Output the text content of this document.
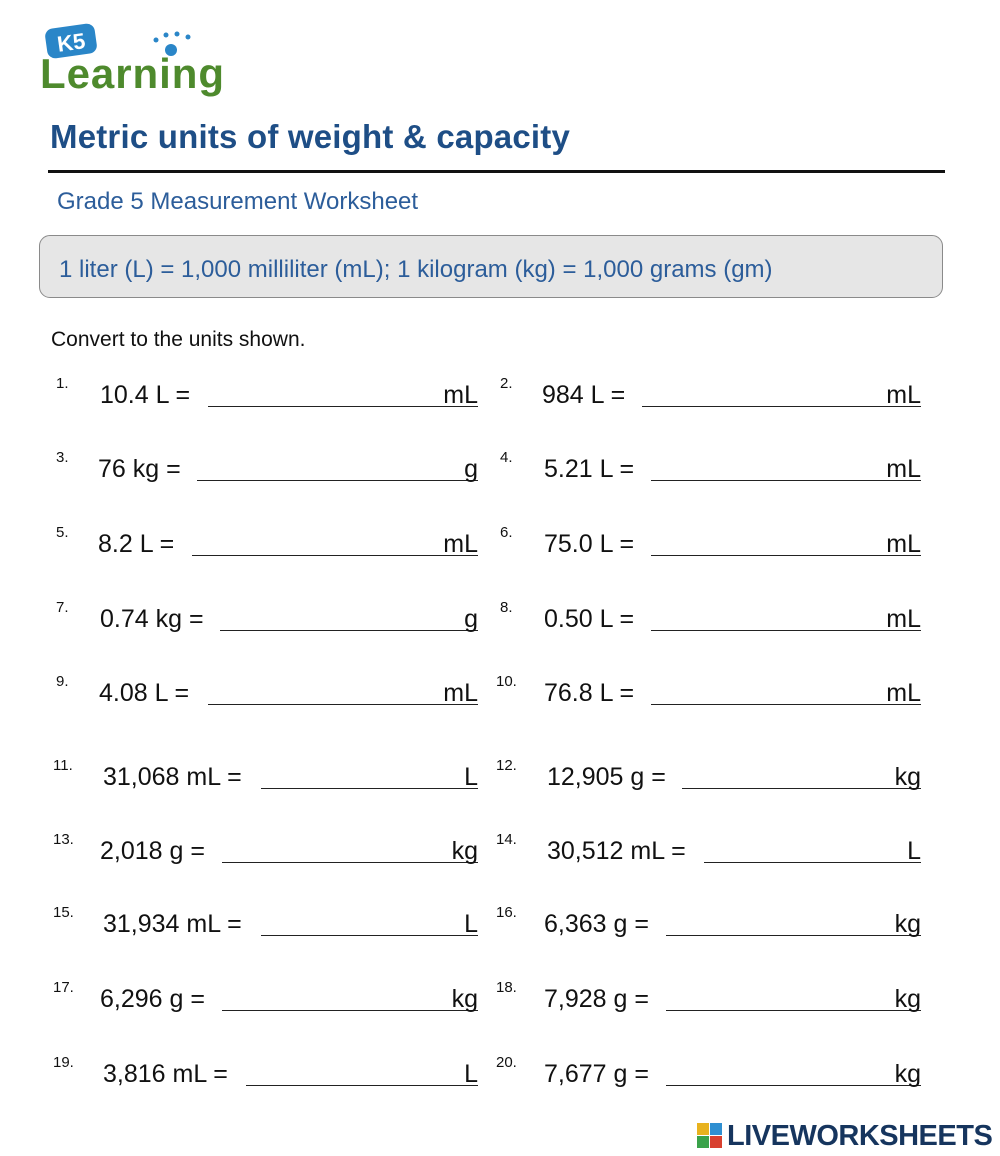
K5
Learning
Metric units of weight & capacity
Grade 5 Measurement Worksheet
1 liter (L) = 1,000 milliliter (mL); 1 kilogram (kg) = 1,000 grams (gm)
Convert to the units shown.
1. 10.4 L =	mL 2. 984 L =	mL
3. 76 kg =	g 4. 5.21 L =	mL
5. 8.2 L =	mL 6. 75.0 L =	mL
7. 0.74 kg =	g 8. 0.50 L =	mL
9. 4.08 L =	mL 10. 76.8 L =	mL
11. 31,068 mL =	L 12. 12,905 g =	kg
13. 2,018 g =	kg 14. 30,512 mL =	L
15. 31,934 mL =	L 16. 6,363 g =	kg
17. 6,296 g =	kg 18. 7,928 g =	kg
19. 3,816 mL =	L 20. 7,677 g =	kg
LIVEWORKSHEETS
